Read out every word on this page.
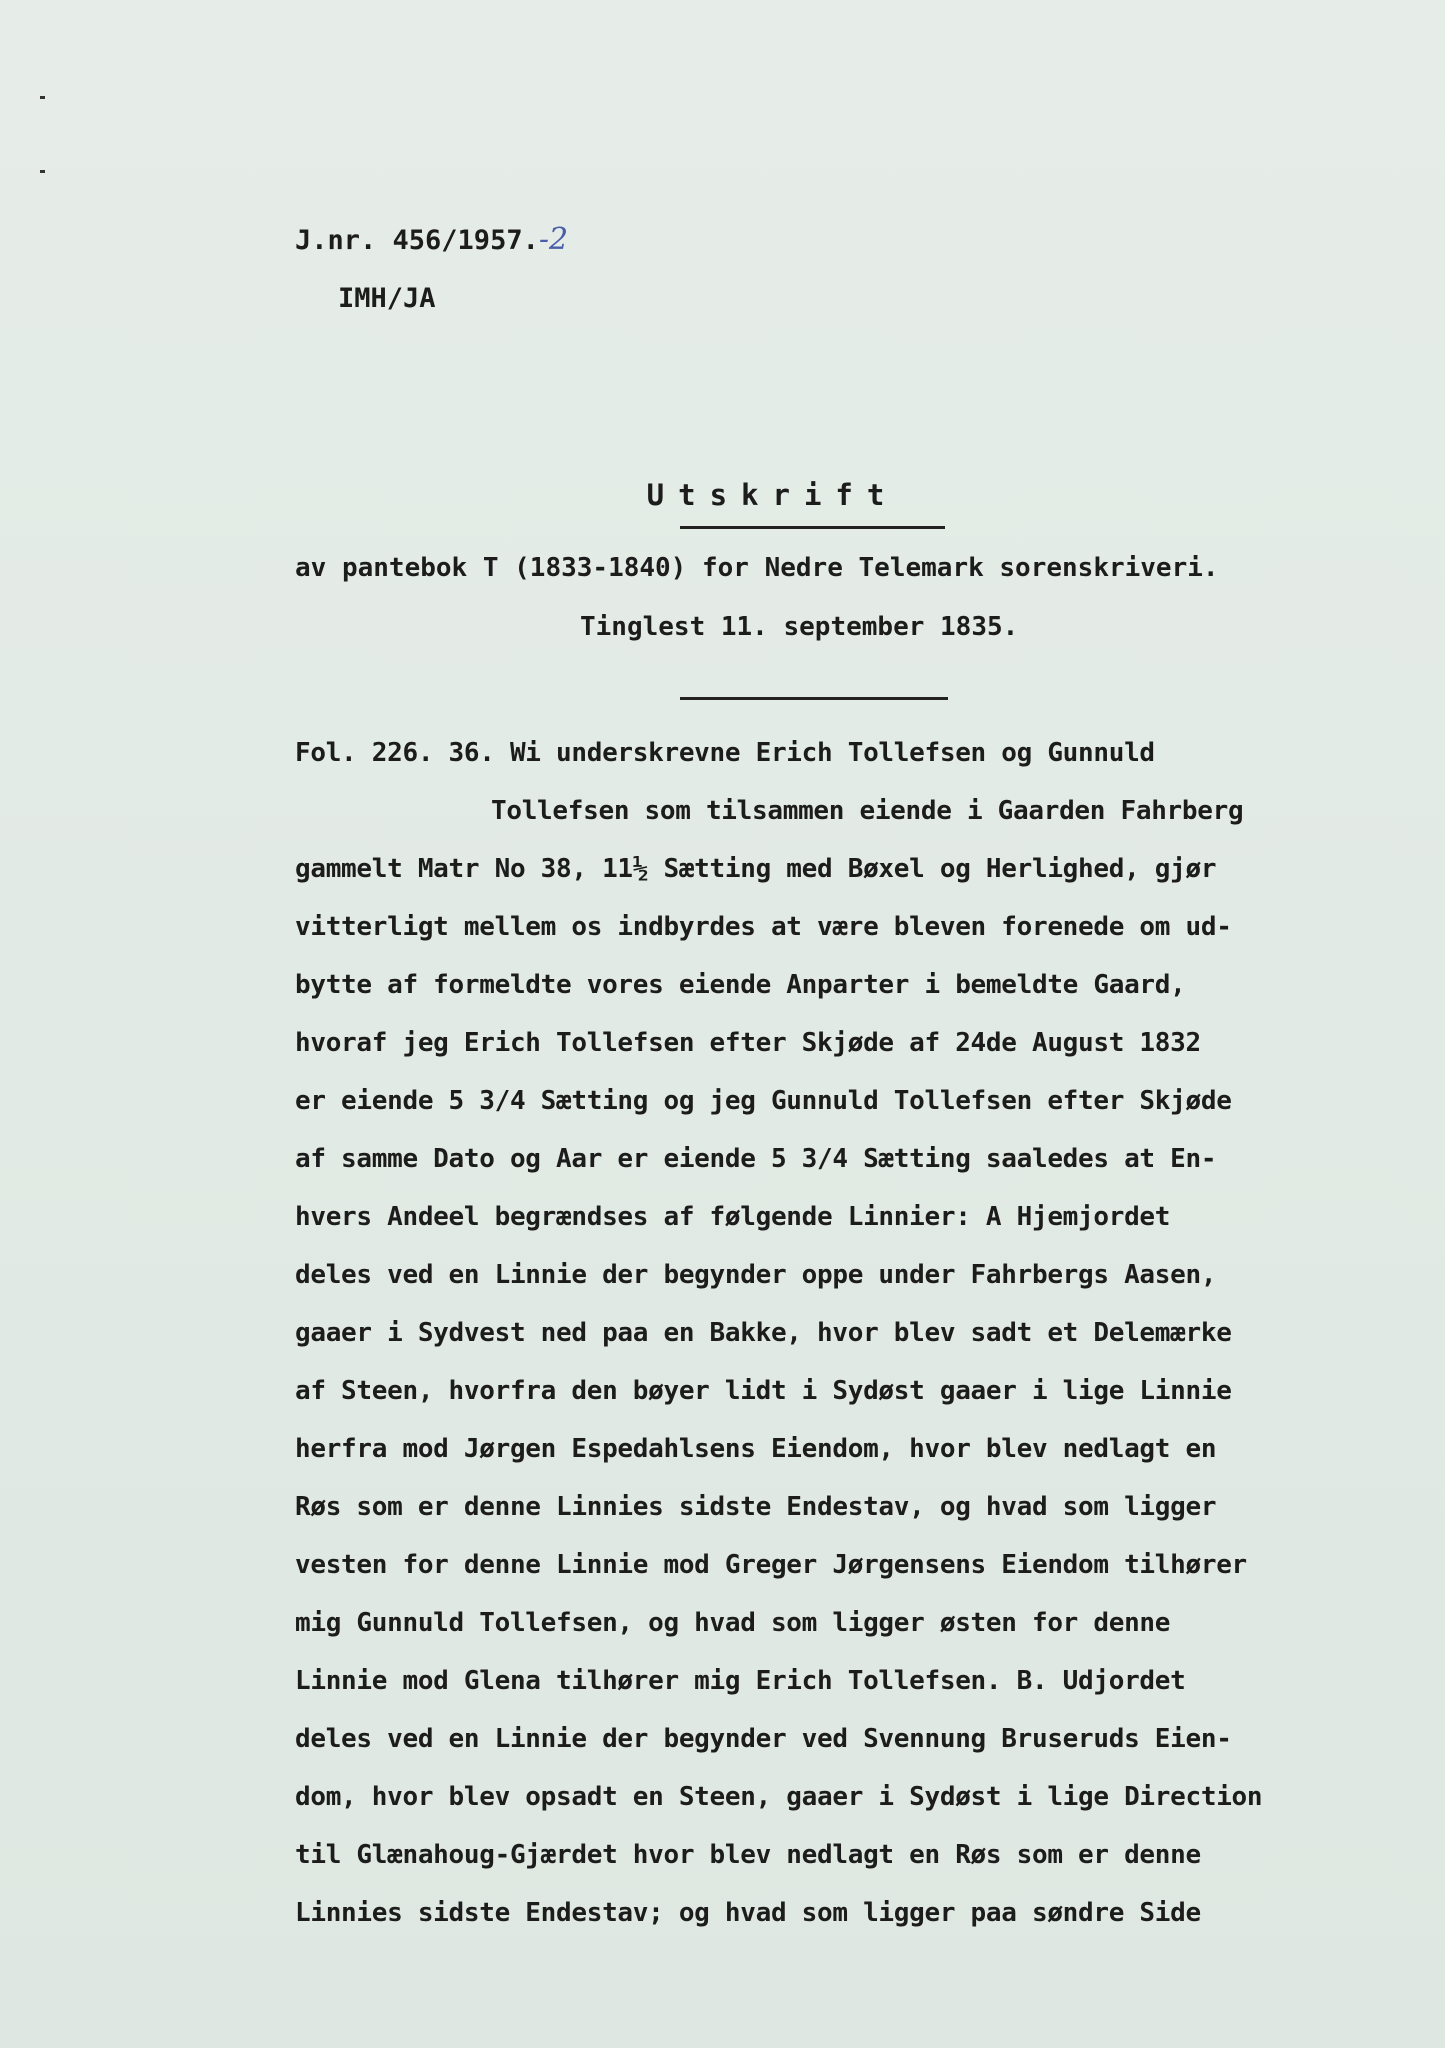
J.nr. 456/1957.-2
IMH/JA
Utskrift
av pantebok T (1833-1840) for Nedre Telemark sorenskriveri.
Tinglest 11. september 1835.
Fol. 226. 36. Wi underskrevne Erich Tollefsen og Gunnuld
Tollefsen som tilsammen eiende i Gaarden Fahrberg
gammelt Matr No 38, 11½ Sætting med Bøxel og Herlighed, gjør
vitterligt mellem os indbyrdes at være bleven forenede om ud-
bytte af formeldte vores eiende Anparter i bemeldte Gaard,
hvoraf jeg Erich Tollefsen efter Skjøde af 24de August 1832
er eiende 5 3/4 Sætting og jeg Gunnuld Tollefsen efter Skjøde
af samme Dato og Aar er eiende 5 3/4 Sætting saaledes at En-
hvers Andeel begrændses af følgende Linnier: A Hjemjordet
deles ved en Linnie der begynder oppe under Fahrbergs Aasen,
gaaer i Sydvest ned paa en Bakke, hvor blev sadt et Delemærke
af Steen, hvorfra den bøyer lidt i Sydøst gaaer i lige Linnie
herfra mod Jørgen Espedahlsens Eiendom, hvor blev nedlagt en
Røs som er denne Linnies sidste Endestav, og hvad som ligger
vesten for denne Linnie mod Greger Jørgensens Eiendom tilhører
mig Gunnuld Tollefsen, og hvad som ligger østen for denne
Linnie mod Glena tilhører mig Erich Tollefsen. B. Udjordet
deles ved en Linnie der begynder ved Svennung Bruseruds Eien-
dom, hvor blev opsadt en Steen, gaaer i Sydøst i lige Direction
til Glænahoug-Gjærdet hvor blev nedlagt en Røs som er denne
Linnies sidste Endestav; og hvad som ligger paa søndre Side
